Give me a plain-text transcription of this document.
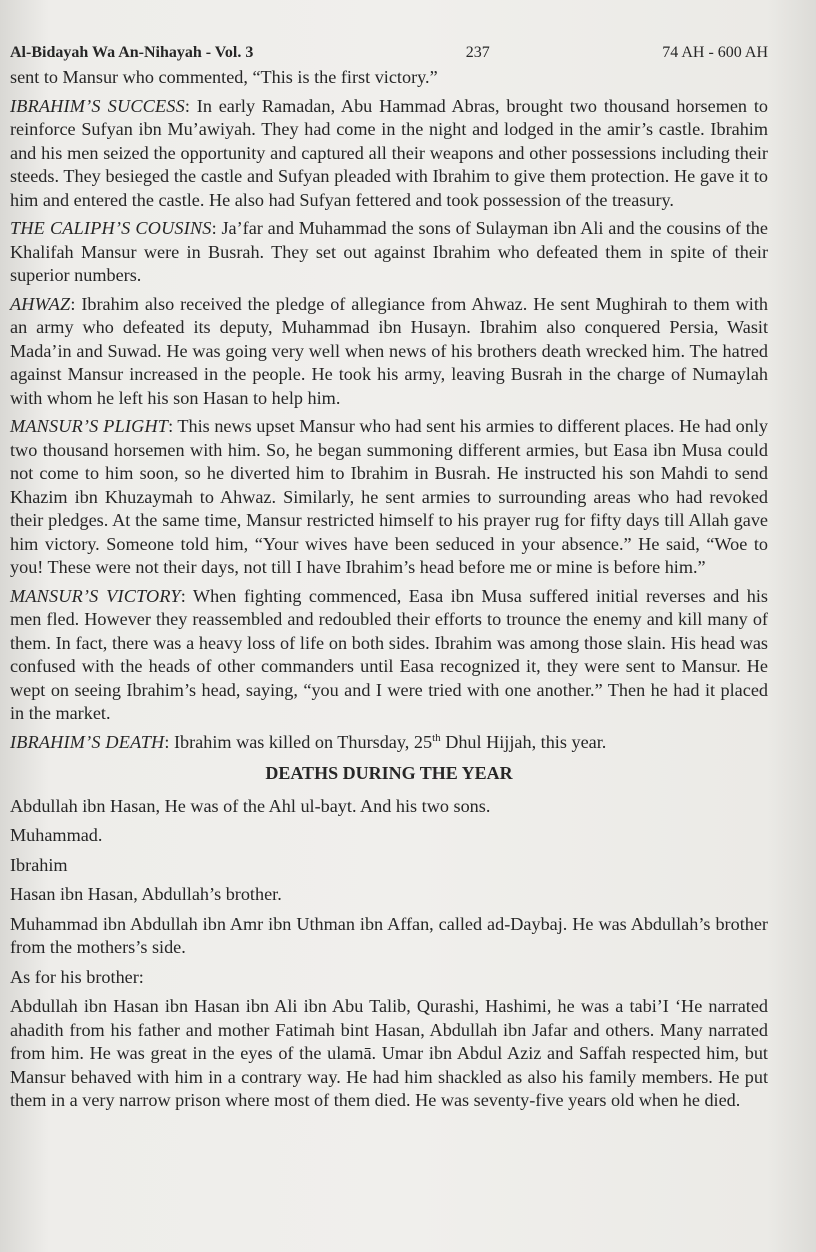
Al-Bidayah Wa An-Nihayah - Vol. 3	237	74 AH - 600 AH

sent to Mansur who commented, “This is the first victory.”

IBRAHIM’S SUCCESS: In early Ramadan, Abu Hammad Abras, brought two thousand horsemen to reinforce Sufyan ibn Mu’awiyah. They had come in the night and lodged in the amir’s castle. Ibrahim and his men seized the opportunity and captured all their weapons and other possessions including their steeds. They besieged the castle and Sufyan pleaded with Ibrahim to give them protection. He gave it to him and entered the castle. He also had Sufyan fettered and took possession of the treasury.

THE CALIPH’S COUSINS: Ja’far and Muhammad the sons of Sulayman ibn Ali and the cousins of the Khalifah Mansur were in Busrah. They set out against Ibrahim who defeated them in spite of their superior numbers.

AHWAZ: Ibrahim also received the pledge of allegiance from Ahwaz. He sent Mughirah to them with an army who defeated its deputy, Muhammad ibn Husayn. Ibrahim also conquered Persia, Wasit Mada’in and Suwad. He was going very well when news of his brothers death wrecked him. The hatred against Mansur increased in the people. He took his army, leaving Busrah in the charge of Numaylah with whom he left his son Hasan to help him.

MANSUR’S PLIGHT: This news upset Mansur who had sent his armies to different places. He had only two thousand horsemen with him. So, he began summoning different armies, but Easa ibn Musa could not come to him soon, so he diverted him to Ibrahim in Busrah. He instructed his son Mahdi to send Khazim ibn Khuzaymah to Ahwaz. Similarly, he sent armies to surrounding areas who had revoked their pledges. At the same time, Mansur restricted himself to his prayer rug for fifty days till Allah gave him victory. Someone told him, “Your wives have been seduced in your absence.” He said, “Woe to you! These were not their days, not till I have Ibrahim’s head before me or mine is before him.”

MANSUR’S VICTORY: When fighting commenced, Easa ibn Musa suffered initial reverses and his men fled. However they reassembled and redoubled their efforts to trounce the enemy and kill many of them. In fact, there was a heavy loss of life on both sides. Ibrahim was among those slain. His head was confused with the heads of other commanders until Easa recognized it, they were sent to Mansur. He wept on seeing Ibrahim’s head, saying, “you and I were tried with one another.” Then he had it placed in the market.

IBRAHIM’S DEATH: Ibrahim was killed on Thursday, 25th Dhul Hijjah, this year.

DEATHS DURING THE YEAR

Abdullah ibn Hasan, He was of the Ahl ul-bayt. And his two sons.

Muhammad.

Ibrahim

Hasan ibn Hasan, Abdullah’s brother.

Muhammad ibn Abdullah ibn Amr ibn Uthman ibn Affan, called ad-Daybaj. He was Abdullah’s brother from the mothers’s side.

As for his brother:

Abdullah ibn Hasan ibn Hasan ibn Ali ibn Abu Talib, Qurashi, Hashimi, he was a tabi’I ‘He narrated ahadith from his father and mother Fatimah bint Hasan, Abdullah ibn Jafar and others. Many narrated from him. He was great in the eyes of the ulamā. Umar ibn Abdul Aziz and Saffah respected him, but Mansur behaved with him in a contrary way. He had him shackled as also his family members. He put them in a very narrow prison where most of them died. He was seventy-five years old when he died.
